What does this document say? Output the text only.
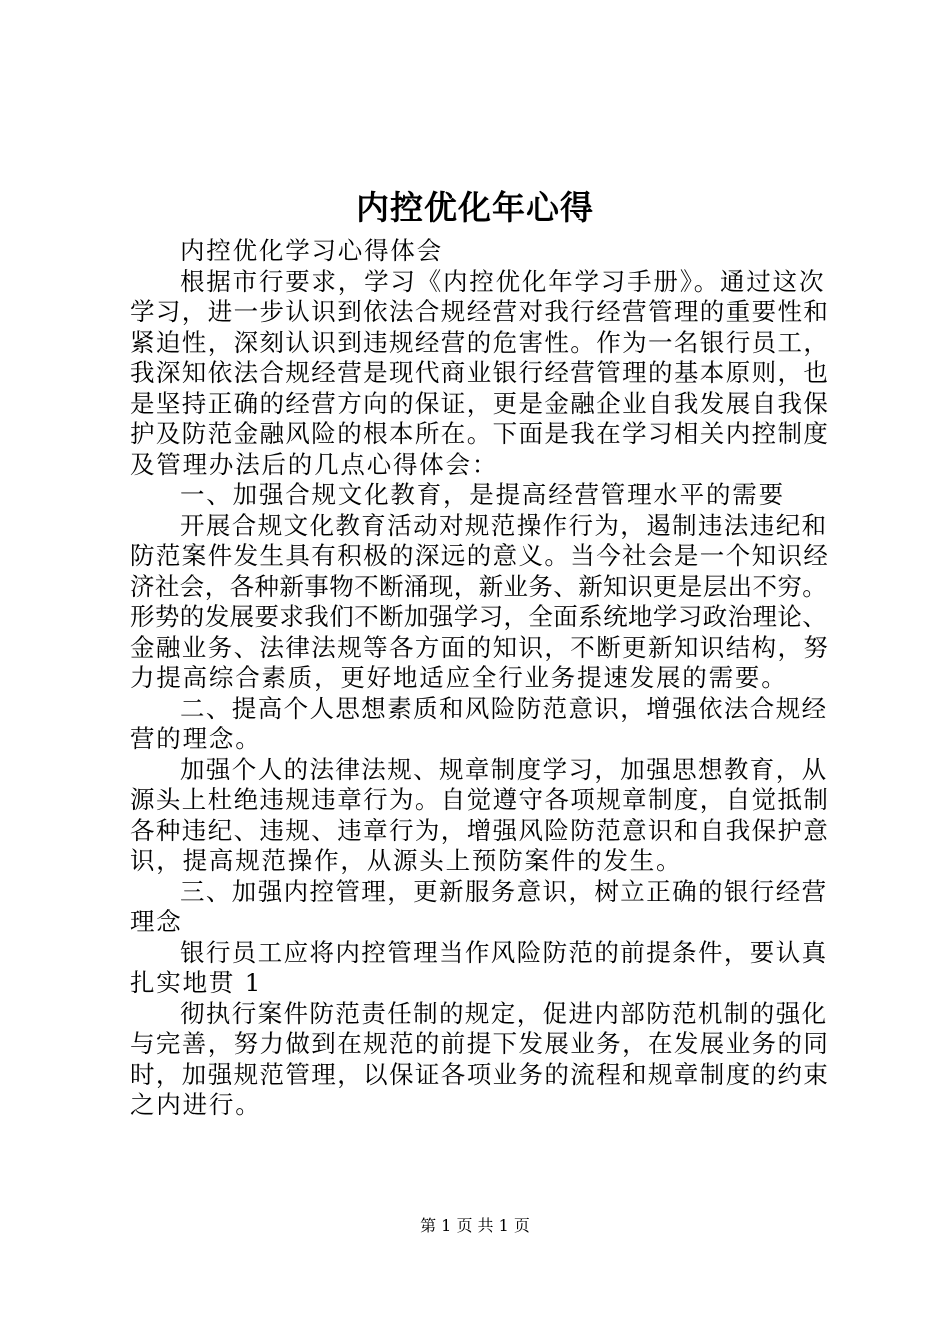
内控优化年心得
内控优化学习心得体会
根据市行要求，学习《内控优化年学习手册》。通过这次
学习，进一步认识到依法合规经营对我行经营管理的重要性和
紧迫性，深刻认识到违规经营的危害性。作为一名银行员工，
我深知依法合规经营是现代商业银行经营管理的基本原则，也
是坚持正确的经营方向的保证，更是金融企业自我发展自我保
护及防范金融风险的根本所在。下面是我在学习相关内控制度
及管理办法后的几点心得体会：
一、加强合规文化教育，是提高经营管理水平的需要
开展合规文化教育活动对规范操作行为，遏制违法违纪和
防范案件发生具有积极的深远的意义。当今社会是一个知识经
济社会，各种新事物不断涌现，新业务、新知识更是层出不穷。
形势的发展要求我们不断加强学习，全面系统地学习政治理论、
金融业务、法律法规等各方面的知识，不断更新知识结构，努
力提高综合素质，更好地适应全行业务提速发展的需要。
二、提高个人思想素质和风险防范意识，增强依法合规经
营的理念。
加强个人的法律法规、规章制度学习，加强思想教育，从
源头上杜绝违规违章行为。自觉遵守各项规章制度，自觉抵制
各种违纪、违规、违章行为，增强风险防范意识和自我保护意
识，提高规范操作，从源头上预防案件的发生。
三、加强内控管理，更新服务意识，树立正确的银行经营
理念
银行员工应将内控管理当作风险防范的前提条件，要认真
扎实地贯 1
彻执行案件防范责任制的规定，促进内部防范机制的强化
与完善，努力做到在规范的前提下发展业务，在发展业务的同
时，加强规范管理，以保证各项业务的流程和规章制度的约束
之内进行。
第 1 页 共 1 页
